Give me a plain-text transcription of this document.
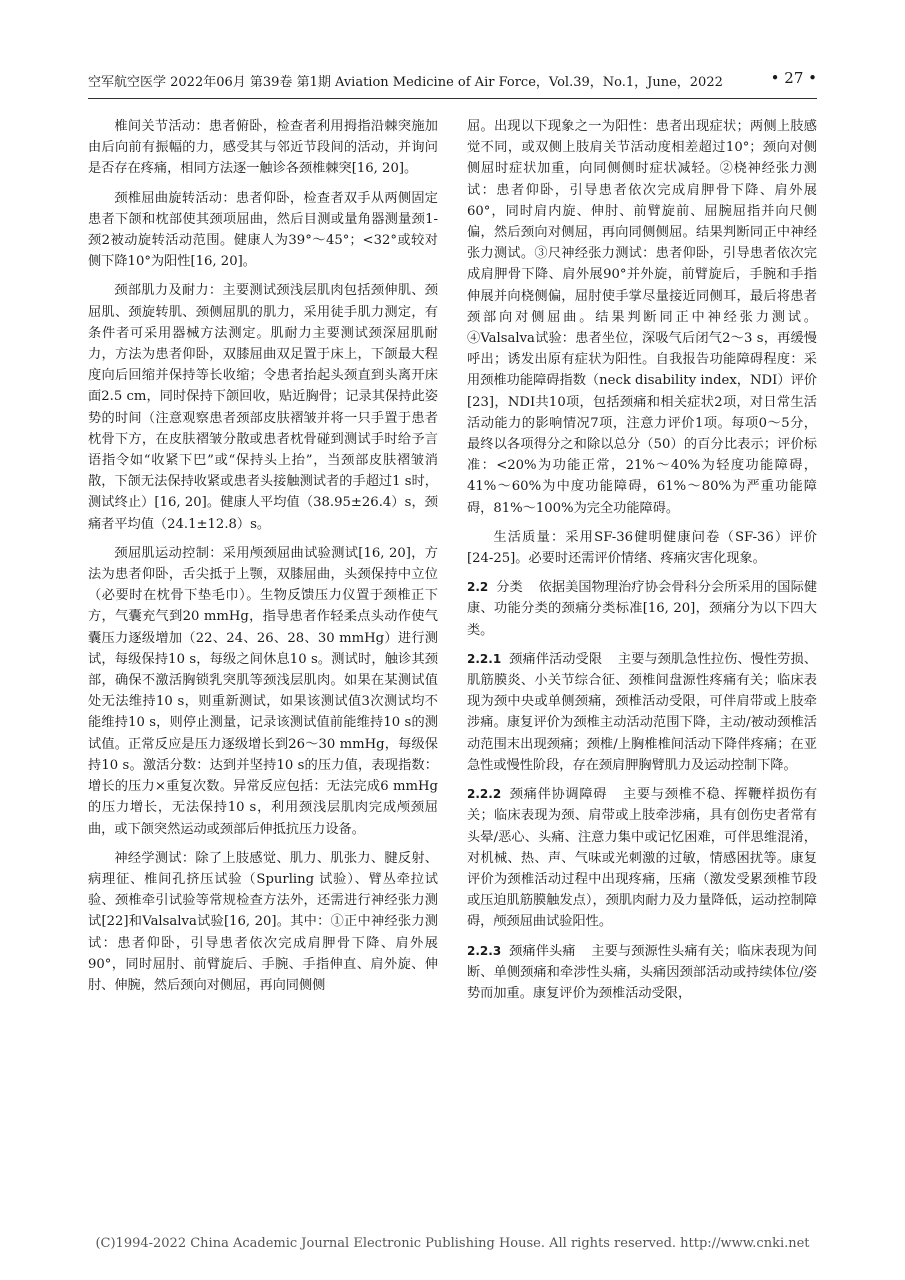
空军航空医学 2022年06月 第39卷 第1期 Aviation Medicine of Air Force，Vol.39，No.1，June，2022	• 27 •

椎间关节活动：患者俯卧，检查者利用拇指沿棘突施加由后向前有振幅的力，感受其与邻近节段间的活动，并询问是否存在疼痛，相同方法逐一触诊各颈椎棘突[16, 20]。

颈椎屈曲旋转活动：患者仰卧，检查者双手从两侧固定患者下颌和枕部使其颈项屈曲，然后目测或量角器测量颈1-颈2被动旋转活动范围。健康人为39°～45°；<32°或较对侧下降10°为阳性[16, 20]。

颈部肌力及耐力：主要测试颈浅层肌肉包括颈伸肌、颈屈肌、颈旋转肌、颈侧屈肌的肌力，采用徒手肌力测定，有条件者可采用器械方法测定。肌耐力主要测试颈深屈肌耐力，方法为患者仰卧，双膝屈曲双足置于床上，下颌最大程度向后回缩并保持等长收缩；令患者抬起头颈直到头离开床面2.5 cm，同时保持下颌回收，贴近胸骨；记录其保持此姿势的时间（注意观察患者颈部皮肤褶皱并将一只手置于患者枕骨下方，在皮肤褶皱分散或患者枕骨碰到测试手时给予言语指令如“收紧下巴”或“保持头上抬”，当颈部皮肤褶皱消散，下颌无法保持收紧或患者头接触测试者的手超过1 s时，测试终止）[16, 20]。健康人平均值（38.95±26.4）s，颈痛者平均值（24.1±12.8）s。

颈屈肌运动控制：采用颅颈屈曲试验测试[16, 20]，方法为患者仰卧，舌尖抵于上颚，双膝屈曲，头颈保持中立位（必要时在枕骨下垫毛巾）。生物反馈压力仪置于颈椎正下方，气囊充气到20 mmHg，指导患者作轻柔点头动作使气囊压力逐级增加（22、24、26、28、30 mmHg）进行测试，每级保持10 s，每级之间休息10 s。测试时，触诊其颈部，确保不激活胸锁乳突肌等颈浅层肌肉。如果在某测试值处无法维持10 s，则重新测试，如果该测试值3次测试均不能维持10 s，则停止测量，记录该测试值前能维持10 s的测试值。正常反应是压力逐级增长到26～30 mmHg，每级保持10 s。激活分数：达到并坚持10 s的压力值，表现指数：增长的压力×重复次数。异常反应包括：无法完成6 mmHg的压力增长，无法保持10 s，利用颈浅层肌肉完成颅颈屈曲，或下颌突然运动或颈部后伸抵抗压力设备。

神经学测试：除了上肢感觉、肌力、肌张力、腱反射、病理征、椎间孔挤压试验（Spurling 试验）、臂丛牵拉试验、颈椎牵引试验等常规检查方法外，还需进行神经张力测试[22]和Valsalva试验[16, 20]。其中：①正中神经张力测试：患者仰卧，引导患者依次完成肩胛骨下降、肩外展90°，同时屈肘、前臂旋后、手腕、手指伸直、肩外旋、伸肘、伸腕，然后颈向对侧屈，再向同侧侧

屈。出现以下现象之一为阳性：患者出现症状；两侧上肢感觉不同，或双侧上肢肩关节活动度相差超过10°；颈向对侧侧屈时症状加重，向同侧侧时症状减轻。②桡神经张力测试：患者仰卧，引导患者依次完成肩胛骨下降、肩外展60°，同时肩内旋、伸肘、前臂旋前、屈腕屈指并向尺侧偏，然后颈向对侧屈，再向同侧侧屈。结果判断同正中神经张力测试。③尺神经张力测试：患者仰卧，引导患者依次完成肩胛骨下降、肩外展90°并外旋，前臂旋后，手腕和手指伸展并向桡侧偏，屈肘使手掌尽量接近同侧耳，最后将患者颈部向对侧屈曲。结果判断同正中神经张力测试。④Valsalva试验：患者坐位，深吸气后闭气2～3 s，再缓慢呼出；诱发出原有症状为阳性。自我报告功能障碍程度：采用颈椎功能障碍指数（neck disability index，NDI）评价[23]，NDI共10项，包括颈痛和相关症状2项，对日常生活活动能力的影响情况7项，注意力评价1项。每项0～5分，最终以各项得分之和除以总分（50）的百分比表示；评价标准：<20%为功能正常，21%～40%为轻度功能障碍，41%～60%为中度功能障碍，61%～80%为严重功能障碍，81%～100%为完全功能障碍。

生活质量：采用SF-36健明健康问卷（SF-36）评价[24-25]。必要时还需评价情绪、疼痛灾害化现象。

2.2 分类 依据美国物理治疗协会骨科分会所采用的国际健康、功能分类的颈痛分类标准[16, 20]，颈痛分为以下四大类。

2.2.1 颈痛伴活动受限 主要与颈肌急性拉伤、慢性劳损、肌筋膜炎、小关节综合征、颈椎间盘源性疼痛有关；临床表现为颈中央或单侧颈痛，颈椎活动受限，可伴肩带或上肢牵涉痛。康复评价为颈椎主动活动范围下降，主动/被动颈椎活动范围末出现颈痛；颈椎/上胸椎椎间活动下降伴疼痛；在亚急性或慢性阶段，存在颈肩胛胸臂肌力及运动控制下降。

2.2.2 颈痛伴协调障碍 主要与颈椎不稳、挥鞭样损伤有关；临床表现为颈、肩带或上肢牵涉痛，具有创伤史者常有头晕/恶心、头痛、注意力集中或记忆困难，可伴思维混淆，对机械、热、声、气味或光刺激的过敏，情感困扰等。康复评价为颈椎活动过程中出现疼痛，压痛（激发受累颈椎节段或压迫肌筋膜触发点），颈肌肉耐力及力量降低，运动控制障碍，颅颈屈曲试验阳性。

2.2.3 颈痛伴头痛 主要与颈源性头痛有关；临床表现为间断、单侧颈痛和牵涉性头痛，头痛因颈部活动或持续体位/姿势而加重。康复评价为颈椎活动受限，

(C)1994-2022 China Academic Journal Electronic Publishing House. All rights reserved. http://www.cnki.net
